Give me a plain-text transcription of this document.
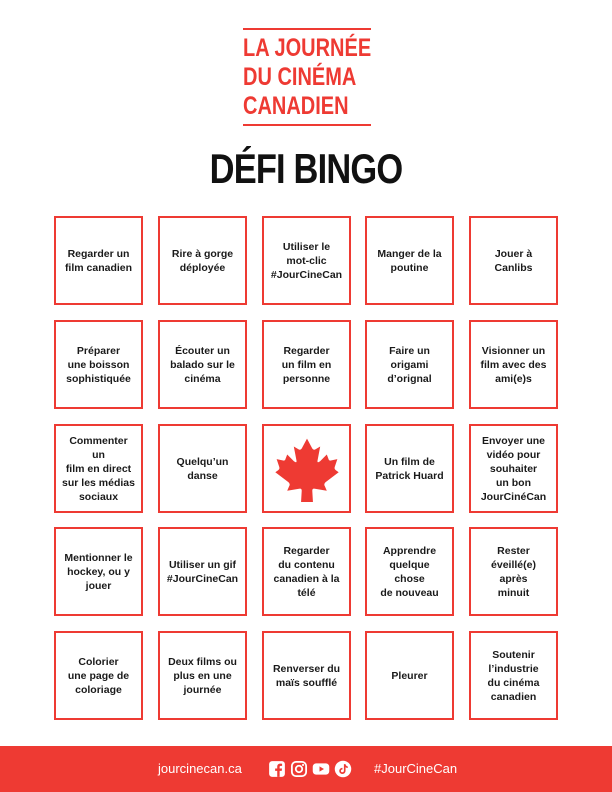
LA JOURNÉE
DU CINÉMA
CANADIEN
DÉFI BINGO
Regarder un
film canadien
Rire à gorge
déployée
Utiliser le
mot-clic
#JourCineCan
Manger de la
poutine
Jouer à Canlibs
Préparer
une boisson
sophistiquée
Écouter un
balado sur le
cinéma
Regarder
un film en
personne
Faire un
origami
d’orignal
Visionner un
film avec des
ami(e)s
Commenter un
film en direct
sur les médias
sociaux
Quelqu’un
danse
Un film de
Patrick Huard
Envoyer une
vidéo pour
souhaiter
un bon
JourCinéCan
Mentionner le
hockey, ou y
jouer
Utiliser un gif
#JourCineCan
Regarder
du contenu
canadien à la
télé
Apprendre
quelque chose
de nouveau
Rester
éveillé(e) après
minuit
Colorier
une page de
coloriage
Deux films ou
plus en une
journée
Renverser du
maïs soufflé
Pleurer
Soutenir
l’industrie
du cinéma
canadien
jourcinecan.ca	#JourCineCan
